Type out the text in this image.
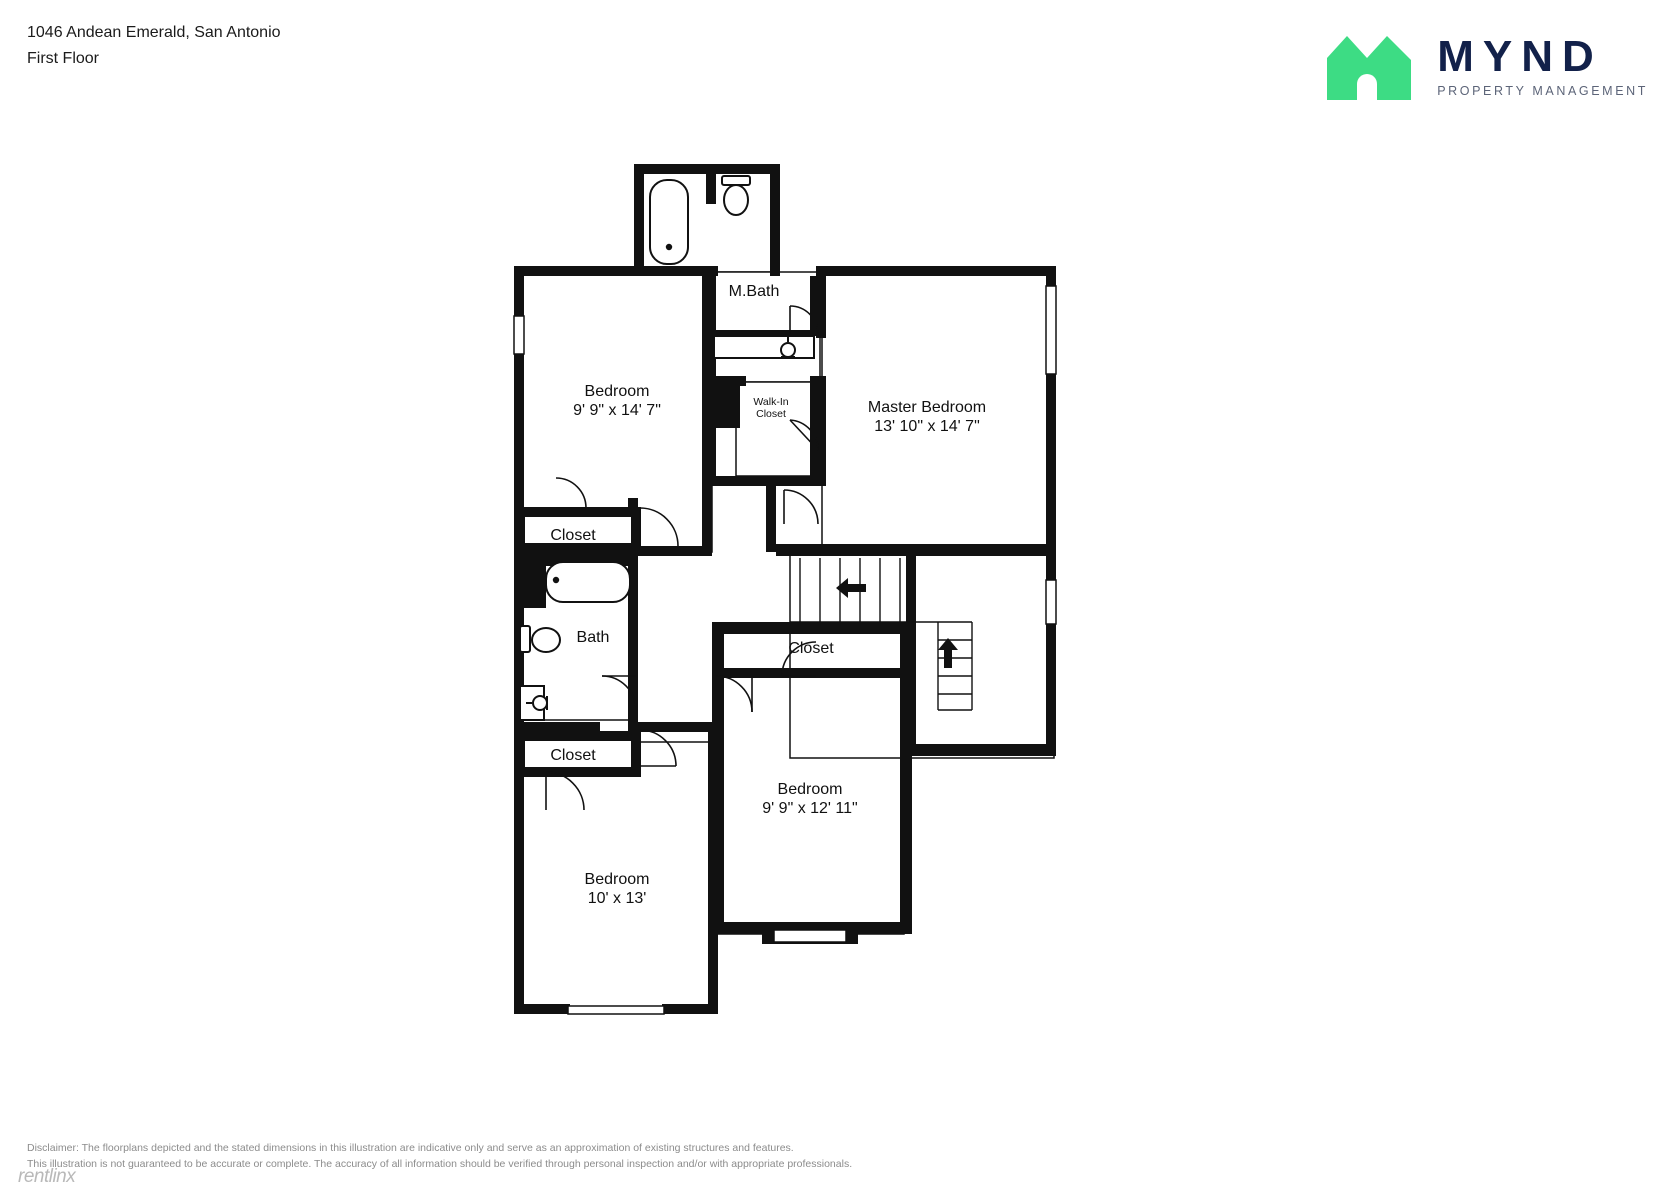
1046 Andean Emerald, San Antonio
First Floor	MYND
PROPERTY MANAGEMENT
M.Bath
Bedroom
9' 9" x 14' 7"	Walk-In
Closet	Master Bedroom
13' 10" x 14' 7"
Closet
Bath
Closet
Closet
Bedroom
9' 9" x 12' 11"
Bedroom
10' x 13'
Disclaimer: The floorplans depicted and the stated dimensions in this illustration are indicative only and serve as an approximation of existing structures and features.
This illustration is not guaranteed to be accurate or complete. The accuracy of all information should be verified through personal inspection and/or with appropriate professionals.
rentlinx
